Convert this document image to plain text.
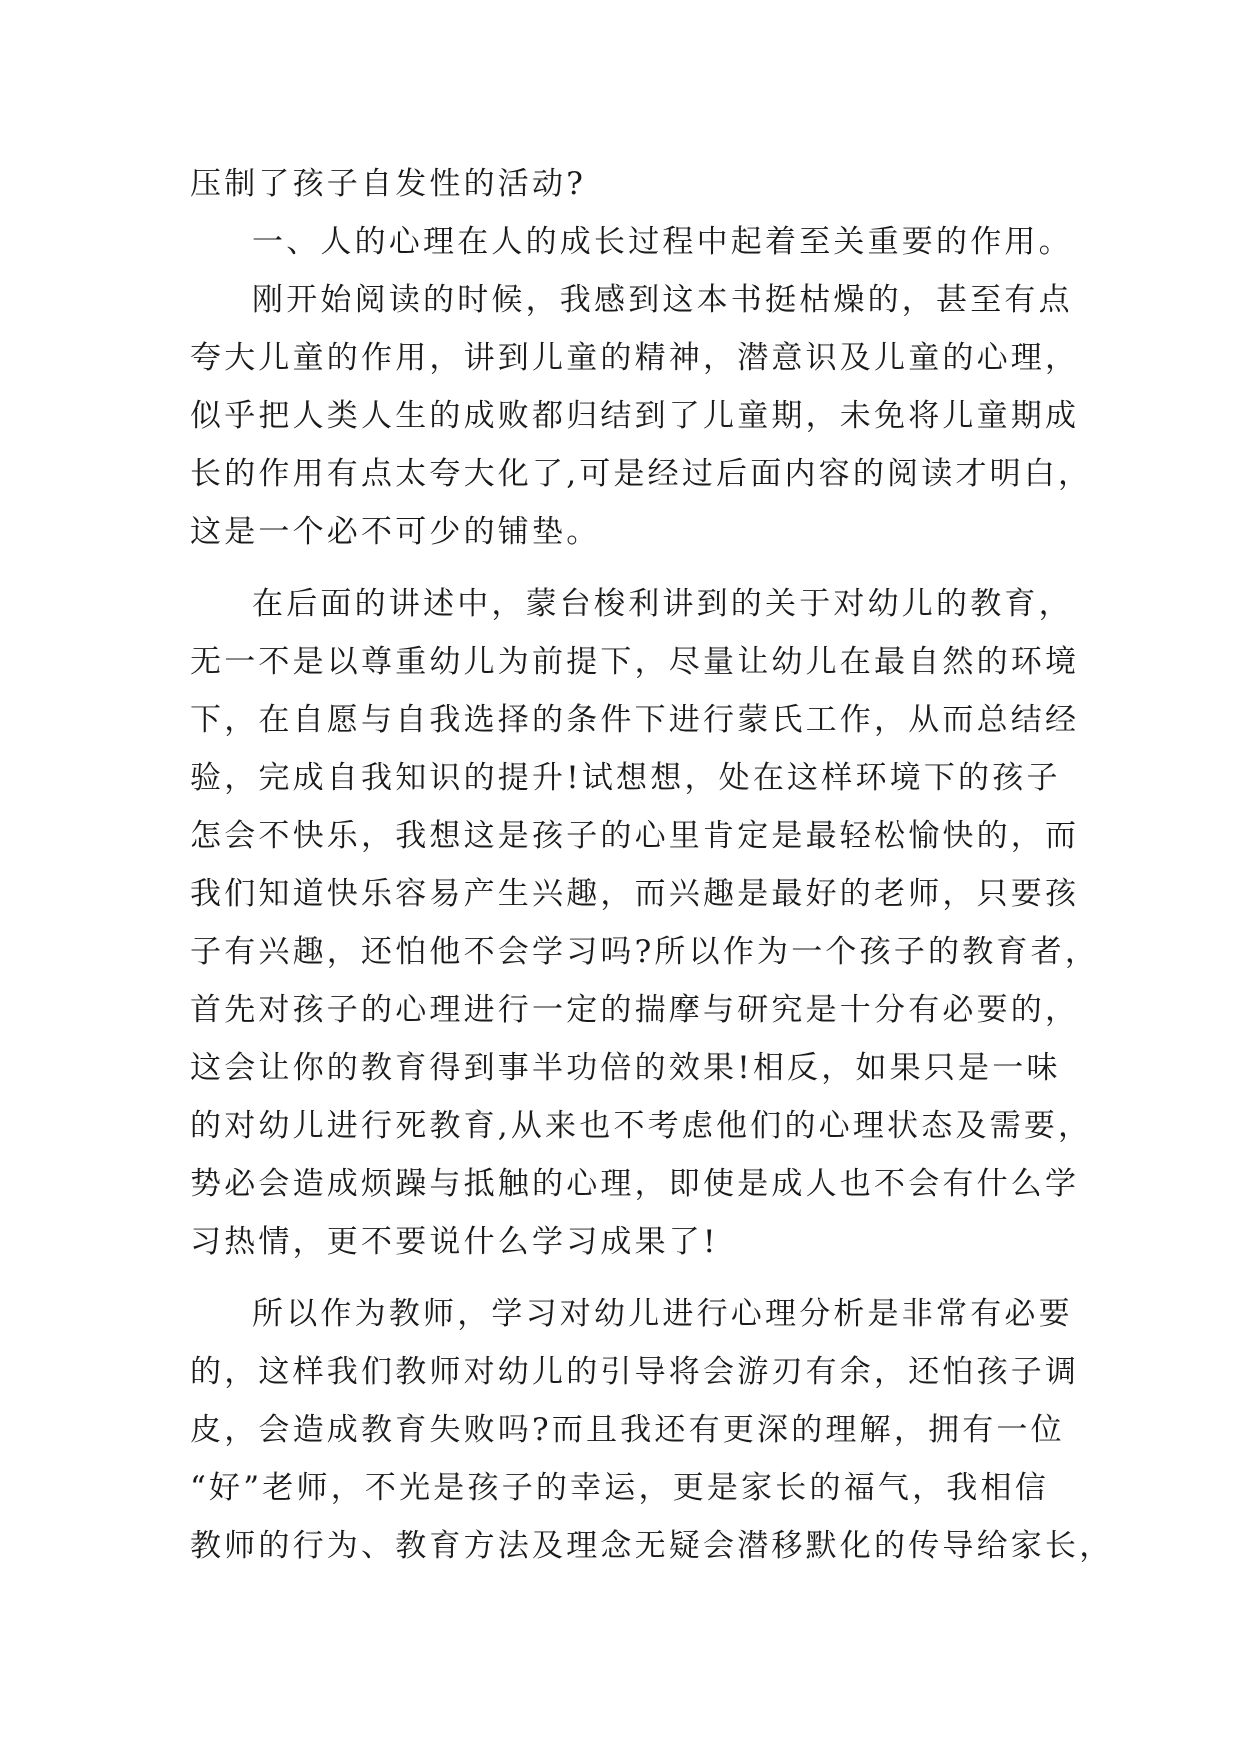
压制了孩子自发性的活动?
一、人的心理在人的成长过程中起着至关重要的作用。
刚开始阅读的时候，我感到这本书挺枯燥的，甚至有点
夸大儿童的作用，讲到儿童的精神，潜意识及儿童的心理，
似乎把人类人生的成败都归结到了儿童期，未免将儿童期成
长的作用有点太夸大化了,可是经过后面内容的阅读才明白，
这是一个必不可少的铺垫。
在后面的讲述中，蒙台梭利讲到的关于对幼儿的教育，
无一不是以尊重幼儿为前提下，尽量让幼儿在最自然的环境
下，在自愿与自我选择的条件下进行蒙氏工作，从而总结经
验，完成自我知识的提升!试想想，处在这样环境下的孩子
怎会不快乐，我想这是孩子的心里肯定是最轻松愉快的，而
我们知道快乐容易产生兴趣，而兴趣是最好的老师，只要孩
子有兴趣，还怕他不会学习吗?所以作为一个孩子的教育者，
首先对孩子的心理进行一定的揣摩与研究是十分有必要的，
这会让你的教育得到事半功倍的效果!相反，如果只是一味
的对幼儿进行死教育,从来也不考虑他们的心理状态及需要，
势必会造成烦躁与抵触的心理，即使是成人也不会有什么学
习热情，更不要说什么学习成果了!
所以作为教师，学习对幼儿进行心理分析是非常有必要
的，这样我们教师对幼儿的引导将会游刃有余，还怕孩子调
皮，会造成教育失败吗?而且我还有更深的理解，拥有一位
“好”老师，不光是孩子的幸运，更是家长的福气，我相信
教师的行为、教育方法及理念无疑会潜移默化的传导给家长，
